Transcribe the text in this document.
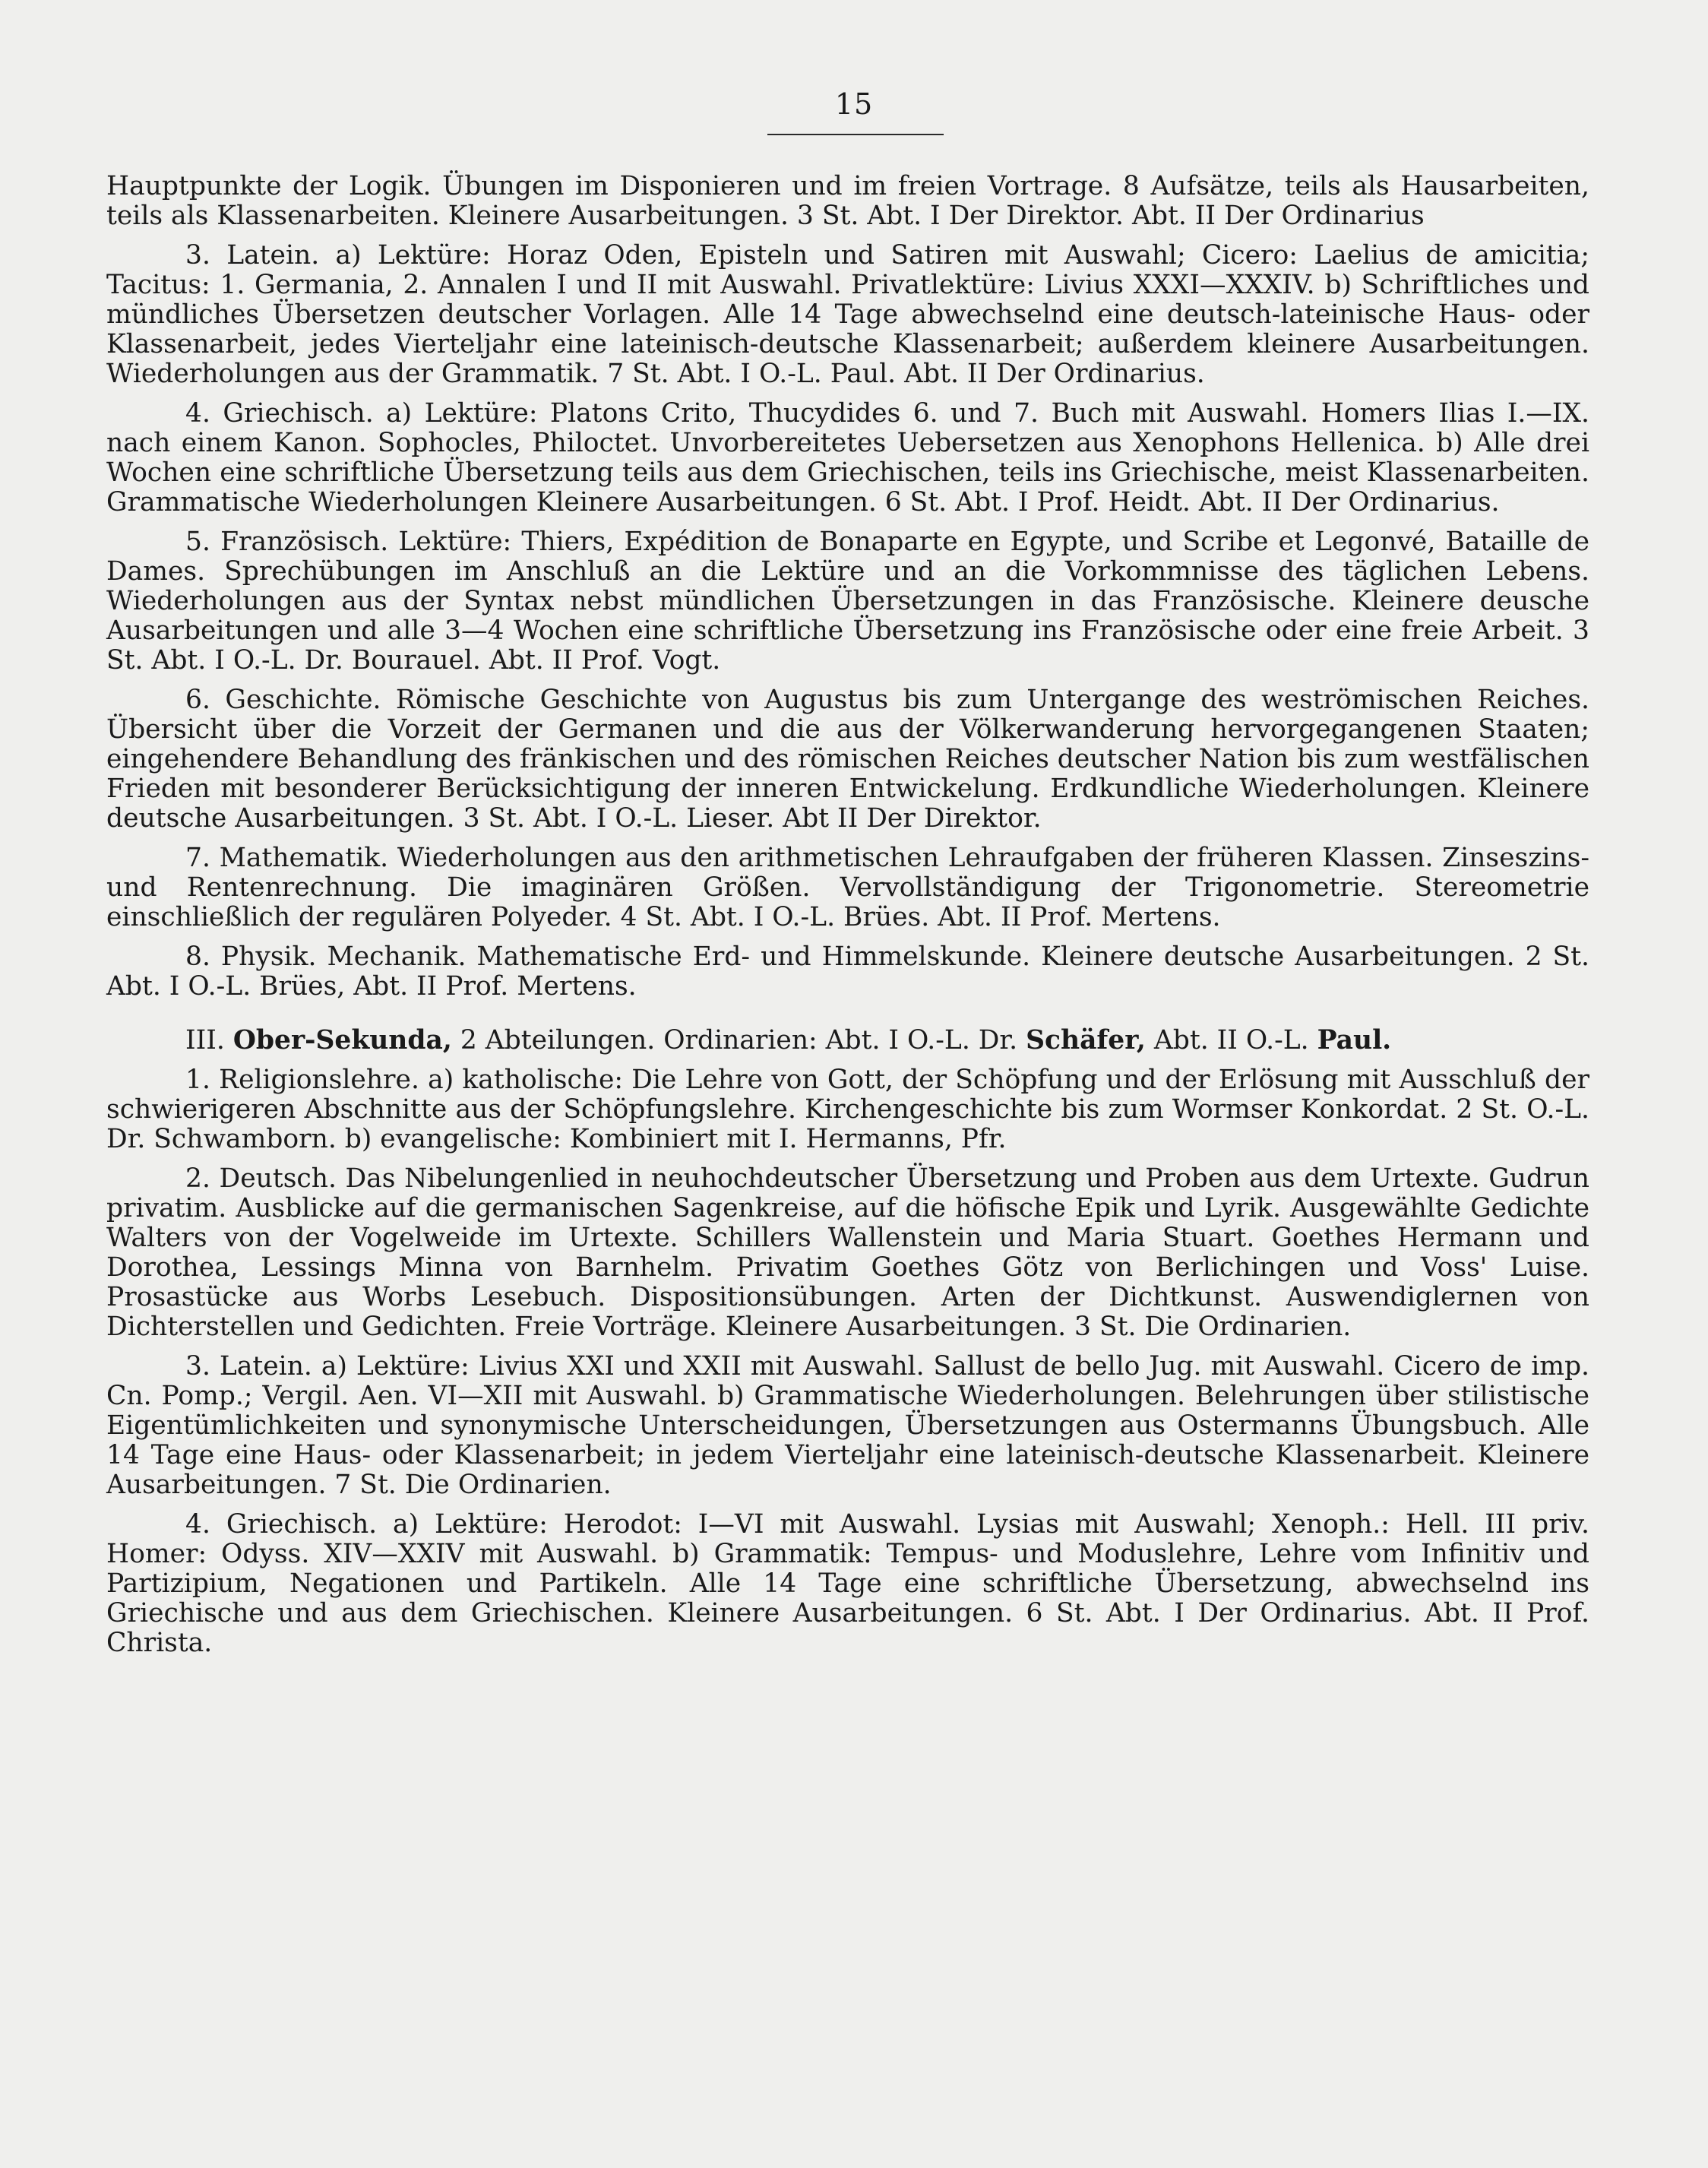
15

Hauptpunkte der Logik. Übungen im Disponieren und im freien Vortrage. 8 Aufsätze, teils als Hausarbeiten, teils als Klassenarbeiten. Kleinere Ausarbeitungen. 3 St. Abt. I Der Direktor. Abt. II Der Ordinarius

3. Latein. a) Lektüre: Horaz Oden, Episteln und Satiren mit Auswahl; Cicero: Laelius de amicitia; Tacitus: 1. Germania, 2. Annalen I und II mit Auswahl. Privatlektüre: Livius XXXI—XXXIV. b) Schriftliches und mündliches Übersetzen deutscher Vorlagen. Alle 14 Tage abwechselnd eine deutsch-lateinische Haus- oder Klassenarbeit, jedes Vierteljahr eine lateinisch-deutsche Klassenarbeit; außerdem kleinere Ausarbeitungen. Wiederholungen aus der Grammatik. 7 St. Abt. I O.-L. Paul. Abt. II Der Ordinarius.

4. Griechisch. a) Lektüre: Platons Crito, Thucydides 6. und 7. Buch mit Auswahl. Homers Ilias I.—IX. nach einem Kanon. Sophocles, Philoctet. Unvorbereitetes Uebersetzen aus Xenophons Hellenica. b) Alle drei Wochen eine schriftliche Übersetzung teils aus dem Griechischen, teils ins Griechische, meist Klassenarbeiten. Grammatische Wiederholungen Kleinere Ausarbeitungen. 6 St. Abt. I Prof. Heidt. Abt. II Der Ordinarius.

5. Französisch. Lektüre: Thiers, Expédition de Bonaparte en Egypte, und Scribe et Legonvé, Bataille de Dames. Sprechübungen im Anschluß an die Lektüre und an die Vorkommnisse des täglichen Lebens. Wiederholungen aus der Syntax nebst mündlichen Übersetzungen in das Französische. Kleinere deusche Ausarbeitungen und alle 3—4 Wochen eine schriftliche Übersetzung ins Französische oder eine freie Arbeit. 3 St. Abt. I O.-L. Dr. Bourauel. Abt. II Prof. Vogt.

6. Geschichte. Römische Geschichte von Augustus bis zum Untergange des weströmischen Reiches. Übersicht über die Vorzeit der Germanen und die aus der Völkerwanderung hervorgegangenen Staaten; eingehendere Behandlung des fränkischen und des römischen Reiches deutscher Nation bis zum westfälischen Frieden mit besonderer Berücksichtigung der inneren Entwickelung. Erdkundliche Wiederholungen. Kleinere deutsche Ausarbeitungen. 3 St. Abt. I O.-L. Lieser. Abt II Der Direktor.

7. Mathematik. Wiederholungen aus den arithmetischen Lehraufgaben der früheren Klassen. Zinseszins- und Rentenrechnung. Die imaginären Größen. Vervollständigung der Trigonometrie. Stereometrie einschließlich der regulären Polyeder. 4 St. Abt. I O.-L. Brües. Abt. II Prof. Mertens.

8. Physik. Mechanik. Mathematische Erd- und Himmelskunde. Kleinere deutsche Ausarbeitungen. 2 St. Abt. I O.-L. Brües, Abt. II Prof. Mertens.

III. Ober-Sekunda, 2 Abteilungen. Ordinarien: Abt. I O.-L. Dr. Schäfer, Abt. II O.-L. Paul.

1. Religionslehre. a) katholische: Die Lehre von Gott, der Schöpfung und der Erlösung mit Ausschluß der schwierigeren Abschnitte aus der Schöpfungslehre. Kirchengeschichte bis zum Wormser Konkordat. 2 St. O.-L. Dr. Schwamborn. b) evangelische: Kombiniert mit I. Hermanns, Pfr.

2. Deutsch. Das Nibelungenlied in neuhochdeutscher Übersetzung und Proben aus dem Urtexte. Gudrun privatim. Ausblicke auf die germanischen Sagenkreise, auf die höfische Epik und Lyrik. Ausgewählte Gedichte Walters von der Vogelweide im Urtexte. Schillers Wallenstein und Maria Stuart. Goethes Hermann und Dorothea, Lessings Minna von Barnhelm. Privatim Goethes Götz von Berlichingen und Voss' Luise. Prosastücke aus Worbs Lesebuch. Dispositionsübungen. Arten der Dichtkunst. Auswendiglernen von Dichterstellen und Gedichten. Freie Vorträge. Kleinere Ausarbeitungen. 3 St. Die Ordinarien.

3. Latein. a) Lektüre: Livius XXI und XXII mit Auswahl. Sallust de bello Jug. mit Auswahl. Cicero de imp. Cn. Pomp.; Vergil. Aen. VI—XII mit Auswahl. b) Grammatische Wiederholungen. Belehrungen über stilistische Eigentümlichkeiten und synonymische Unterscheidungen, Übersetzungen aus Ostermanns Übungsbuch. Alle 14 Tage eine Haus- oder Klassenarbeit; in jedem Vierteljahr eine lateinisch-deutsche Klassenarbeit. Kleinere Ausarbeitungen. 7 St. Die Ordinarien.

4. Griechisch. a) Lektüre: Herodot: I—VI mit Auswahl. Lysias mit Auswahl; Xenoph.: Hell. III priv. Homer: Odyss. XIV—XXIV mit Auswahl. b) Grammatik: Tempus- und Moduslehre, Lehre vom Infinitiv und Partizipium, Negationen und Partikeln. Alle 14 Tage eine schriftliche Übersetzung, abwechselnd ins Griechische und aus dem Griechischen. Kleinere Ausarbeitungen. 6 St. Abt. I Der Ordinarius. Abt. II Prof. Christa.
